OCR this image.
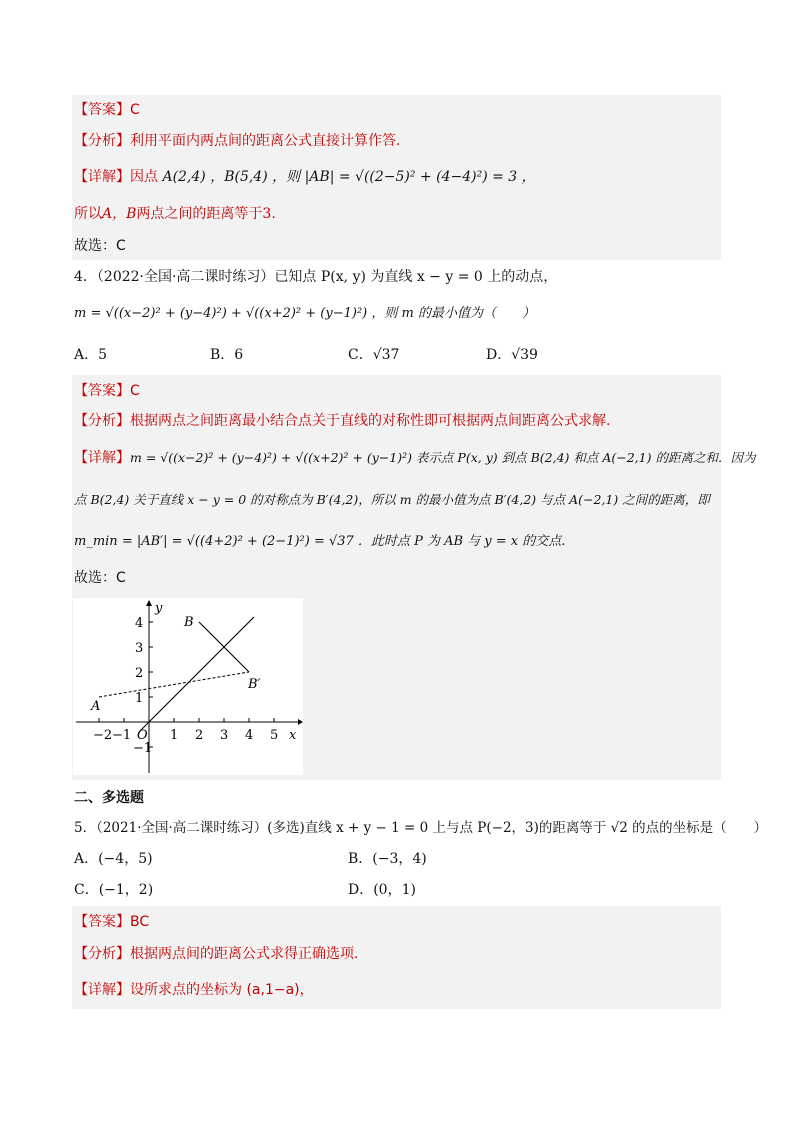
【答案】C
【分析】利用平面内两点间的距离公式直接计算作答.
【详解】因点 A(2,4) ，B(5,4) ，则 |AB| = √((2−5)² + (4−4)²) = 3 ，
所以A，B两点之间的距离等于3.
故选：C
4．（2022·全国·高二课时练习）已知点 P(x, y) 为直线 x − y = 0 上的动点，
m = √((x−2)² + (y−4)²) + √((x+2)² + (y−1)²) ，则 m 的最小值为（　　）
A．5	B．6	C．√37	D．√39
【答案】C
【分析】根据两点之间距离最小结合点关于直线的对称性即可根据两点间距离公式求解.
【详解】m = √((x−2)² + (y−4)²) + √((x+2)² + (y−1)²) 表示点 P(x, y) 到点 B(2,4) 和点 A(−2,1) 的距离之和．因为
点 B(2,4) 关于直线 x − y = 0 的对称点为 B′(4,2)，所以 m 的最小值为点 B′(4,2) 与点 A(−2,1) 之间的距离，即
m_min = |AB′| = √((4+2)² + (2−1)²) = √37 ．此时点 P 为 AB 与 y = x 的交点.
故选：C
−2 −1 O 1 2 3 4 5 x
4
3
2
1
−1
y
A
B
B′
二、多选题
5．（2021·全国·高二课时练习）(多选)直线 x + y − 1 = 0 上与点 P(−2，3)的距离等于 √2 的点的坐标是（　　）
A．(−4，5)	B．(−3，4)
C．(−1，2)	D．(0，1)
【答案】BC
【分析】根据两点间的距离公式求得正确选项.
【详解】设所求点的坐标为 (a,1−a)，
